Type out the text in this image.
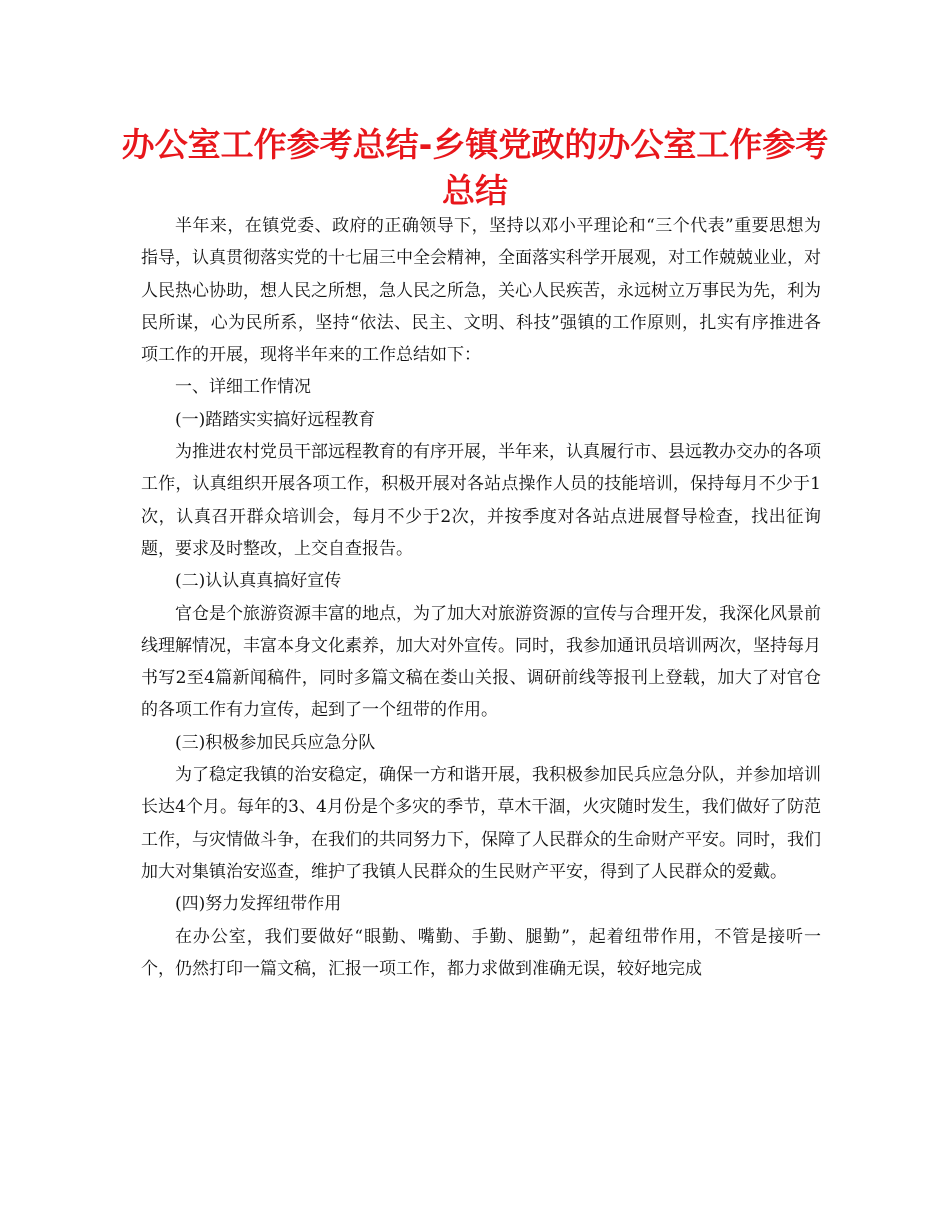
办公室工作参考总结-乡镇党政的办公室工作参考总结

半年来，在镇党委、政府的正确领导下，坚持以邓小平理论和“三个代表”重要思想为指导，认真贯彻落实党的十七届三中全会精神，全面落实科学开展观，对工作兢兢业业，对人民热心协助，想人民之所想，急人民之所急，关心人民疾苦，永远树立万事民为先，利为民所谋，心为民所系，坚持“依法、民主、文明、科技”强镇的工作原则，扎实有序推进各项工作的开展，现将半年来的工作总结如下：

一、详细工作情况

(一)踏踏实实搞好远程教育

为推进农村党员干部远程教育的有序开展，半年来，认真履行市、县远教办交办的各项工作，认真组织开展各项工作，积极开展对各站点操作人员的技能培训，保持每月不少于1次，认真召开群众培训会，每月不少于2次，并按季度对各站点进展督导检查，找出征询题，要求及时整改，上交自查报告。

(二)认认真真搞好宣传

官仓是个旅游资源丰富的地点，为了加大对旅游资源的宣传与合理开发，我深化风景前线理解情况，丰富本身文化素养，加大对外宣传。同时，我参加通讯员培训两次，坚持每月书写2至4篇新闻稿件，同时多篇文稿在娄山关报、调研前线等报刊上登载，加大了对官仓的各项工作有力宣传，起到了一个纽带的作用。

(三)积极参加民兵应急分队

为了稳定我镇的治安稳定，确保一方和谐开展，我积极参加民兵应急分队，并参加培训长达4个月。每年的3、4月份是个多灾的季节，草木干涸，火灾随时发生，我们做好了防范工作，与灾情做斗争，在我们的共同努力下，保障了人民群众的生命财产平安。同时，我们加大对集镇治安巡查，维护了我镇人民群众的生民财产平安，得到了人民群众的爱戴。

(四)努力发挥纽带作用

在办公室，我们要做好“眼勤、嘴勤、手勤、腿勤”，起着纽带作用，不管是接听一个，仍然打印一篇文稿，汇报一项工作，都力求做到准确无误，较好地完成
